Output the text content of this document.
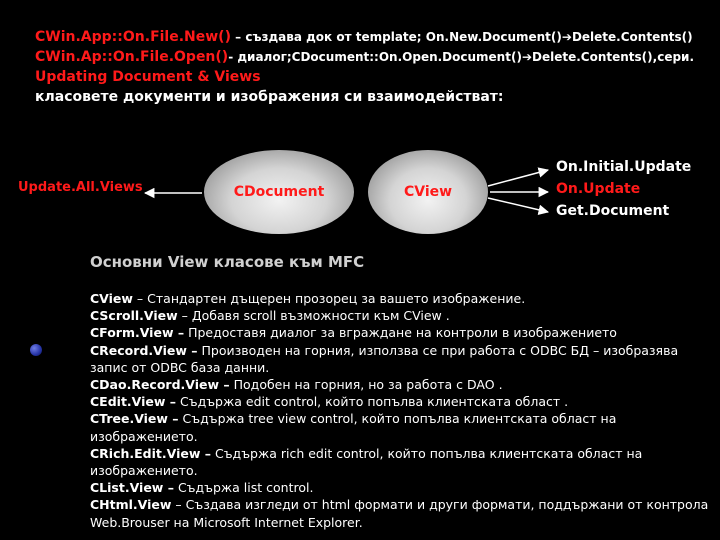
CWin.App::On.File.New() – създава док от template; On.New.Document()➔Delete.Contents()
CWin.Ap::On.File.Open()- диалог;CDocument::On.Open.Document()➔Delete.Contents(),сери.
Updating Document & Views
класовете документи и изображения си взаимодействат:
Update.All.Views	CDocument	CView
On.Initial.Update
On.Update
Get.Document
Основни View класове към MFC

CView – Стандартен дъщерен прозорец за вашето изображение.

CScroll.View – Добавя scroll възможности към CView .

CForm.View – Предоставя диалог за вграждане на контроли в изображението

CRecord.View – Производен на горния, използва се при работа с ODBC БД – изобразява запис от ODBC база данни.

CDao.Record.View – Подобен на горния, но за работа с DAO .

CEdit.View – Съдържа edit control, който попълва клиентската област .

CTree.View – Съдържа tree view control, който попълва клиентската област на изображението.

CRich.Edit.View – Съдържа rich edit control, който попълва клиентската област на изображението.

CList.View – Съдържа list control.

CHtml.View – Създава изгледи от html формати и други формати, поддържани от контрола Web.Brouser на Microsoft Internet Explorer.
